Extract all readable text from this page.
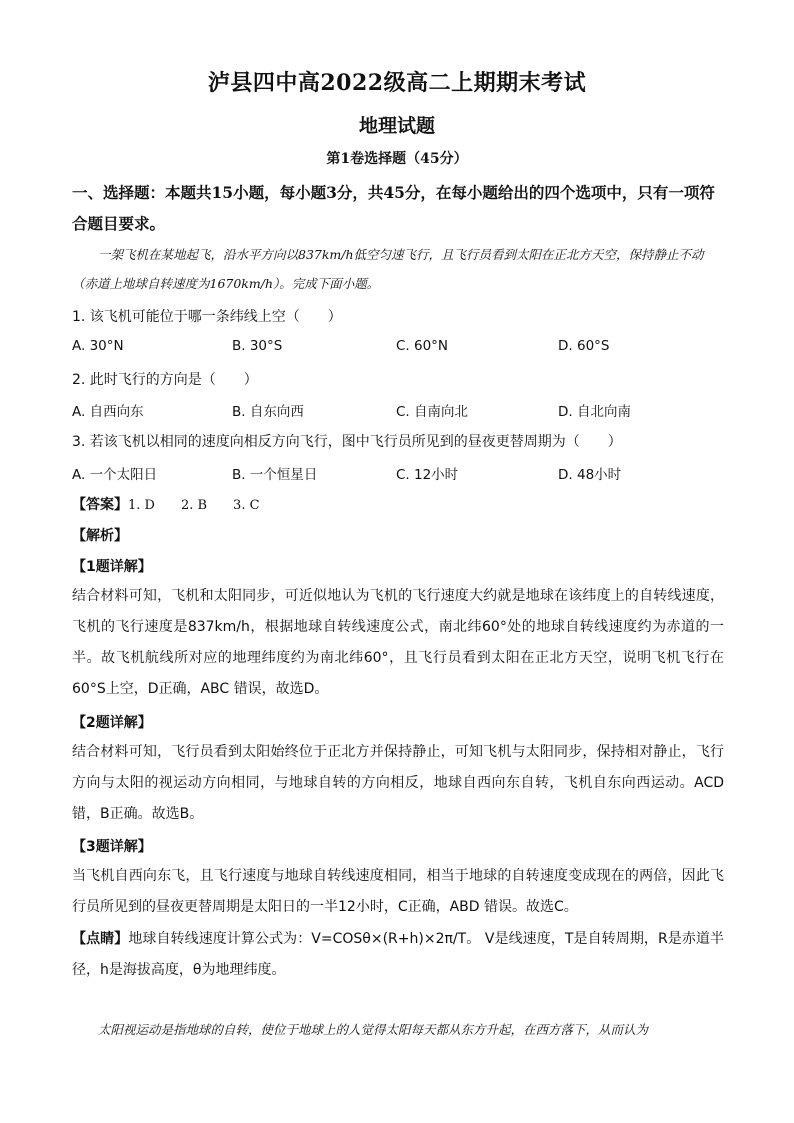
泸县四中高2022级高二上期期末考试
地理试题
第1卷选择题（45分）
一、选择题：本题共15小题，每小题3分，共45分，在每小题给出的四个选项中，只有一项符合题目要求。
一架飞机在某地起飞，沿水平方向以837km/h低空匀速飞行，且飞行员看到太阳在正北方天空，保持静止不动（赤道上地球自转速度为1670km/h）。完成下面小题。
1. 该飞机可能位于哪一条纬线上空（　　）
A. 30°N	B. 30°S	C. 60°N	D. 60°S
2. 此时飞行的方向是（　　）
A. 自西向东	B. 自东向西	C. 自南向北	D. 自北向南
3. 若该飞机以相同的速度向相反方向飞行，图中飞行员所见到的昼夜更替周期为（　　）
A. 一个太阳日	B. 一个恒星日	C. 12小时	D. 48小时
【答案】1. D　　2. B　　3. C
【解析】
【1题详解】
结合材料可知，飞机和太阳同步，可近似地认为飞机的飞行速度大约就是地球在该纬度上的自转线速度，飞机的飞行速度是837km/h，根据地球自转线速度公式，南北纬60°处的地球自转线速度约为赤道的一半。故飞机航线所对应的地理纬度约为南北纬60°，且飞行员看到太阳在正北方天空，说明飞机飞行在60°S上空，D正确，ABC 错误，故选D。
【2题详解】
结合材料可知，飞行员看到太阳始终位于正北方并保持静止，可知飞机与太阳同步，保持相对静止，飞行方向与太阳的视运动方向相同，与地球自转的方向相反，地球自西向东自转，飞机自东向西运动。ACD错，B正确。故选B。
【3题详解】
当飞机自西向东飞，且飞行速度与地球自转线速度相同，相当于地球的自转速度变成现在的两倍，因此飞行员所见到的昼夜更替周期是太阳日的一半12小时，C正确，ABD 错误。故选C。
【点睛】地球自转线速度计算公式为：V=COSθ×(R+h)×2π/T。 V是线速度，T是自转周期，R是赤道半径，h是海拔高度，θ为地理纬度。
太阳视运动是指地球的自转，使位于地球上的人觉得太阳每天都从东方升起，在西方落下，从而认为
